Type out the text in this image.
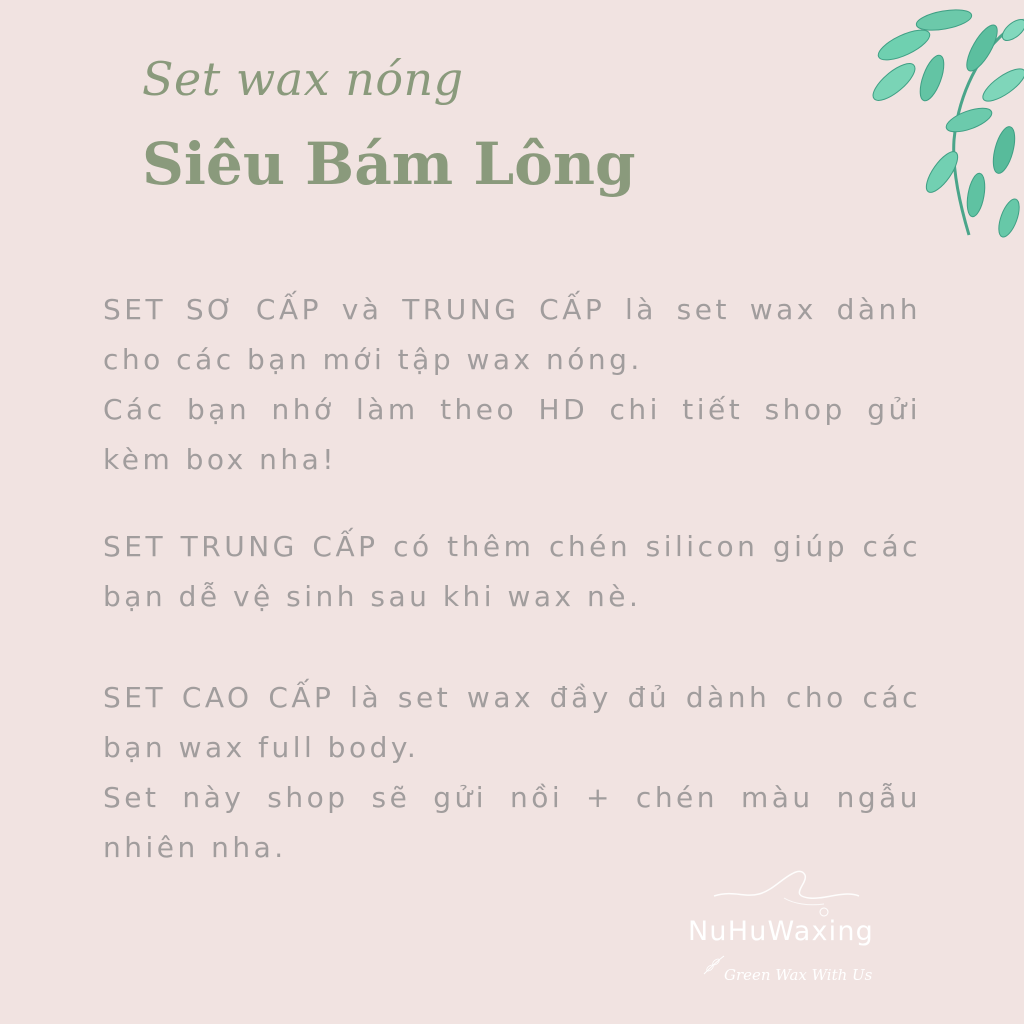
Set wax nóng
Siêu Bám Lông

SET SƠ CẤP và TRUNG CẤP là set wax dành cho các bạn mới tập wax nóng.

Các bạn nhớ làm theo HD chi tiết shop gửi kèm box nha!

SET TRUNG CẤP có thêm chén silicon giúp các bạn dễ vệ sinh sau khi wax nè.

SET CAO CẤP là set wax đầy đủ dành cho các bạn wax full body.

Set này shop sẽ gửi nồi + chén màu ngẫu nhiên nha.

NuHuWaxing
Green Wax With Us
